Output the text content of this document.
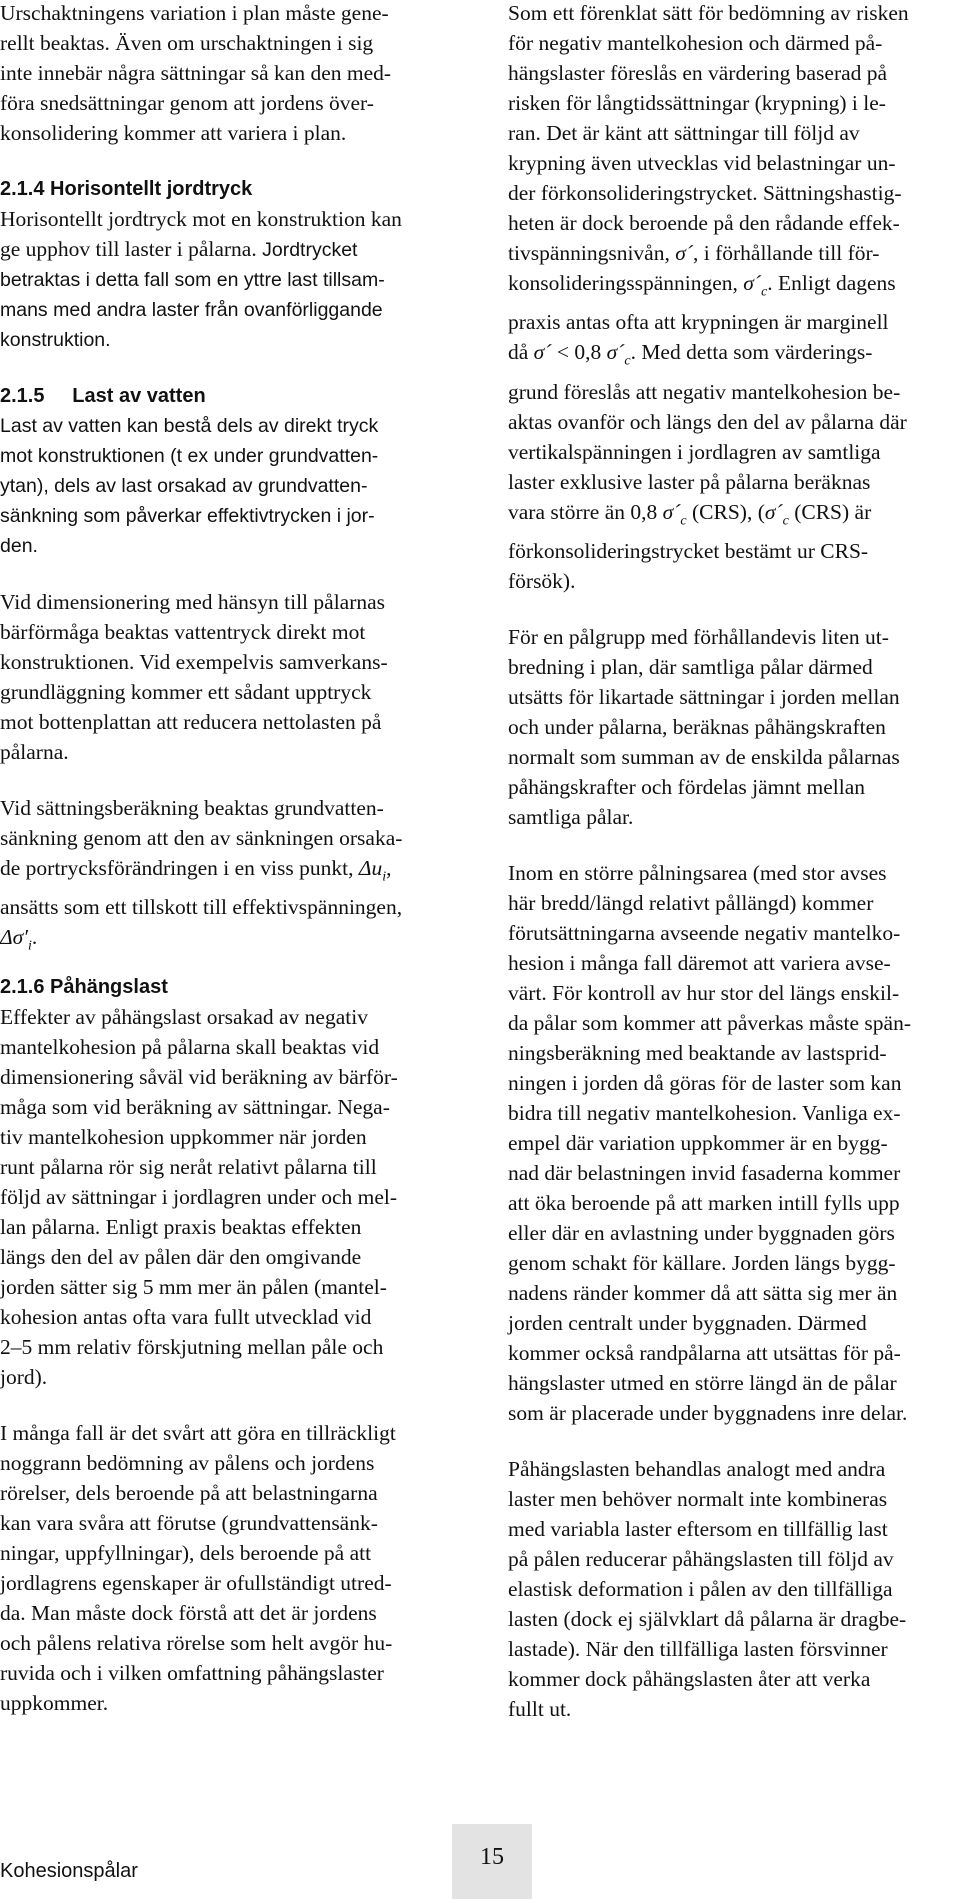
Urschaktningens variation i plan måste gene-
rellt beaktas. Även om urschaktningen i sig
inte innebär några sättningar så kan den med-
föra snedsättningar genom att jordens över-
konsolidering kommer att variera i plan.

2.1.4 Horisontellt jordtryck

Horisontellt jordtryck mot en konstruktion kan
ge upphov till laster i pålarna. Jordtrycket
betraktas i detta fall som en yttre last tillsam-
mans med andra laster från ovanförliggande
konstruktion.

2.1.5     Last av vatten

Last av vatten kan bestå dels av direkt tryck
mot konstruktionen (t ex under grundvatten-
ytan), dels av last orsakad av grundvatten-
sänkning som påverkar effektivtrycken i jor-
den.
Vid dimensionering med hänsyn till pålarnas
bärförmåga beaktas vattentryck direkt mot
konstruktionen. Vid exempelvis samverkans-
grundläggning kommer ett sådant upptryck
mot bottenplattan att reducera nettolasten på
pålarna.
Vid sättningsberäkning beaktas grundvatten-
sänkning genom att den av sänkningen orsaka-
de portrycksförändringen i en viss punkt, $\Delta u_i$,
ansätts som ett tillskott till effektivspänningen,
$\Delta\sigma'_i$.

2.1.6 Påhängslast

Effekter av påhängslast orsakad av negativ
mantelkohesion på pålarna skall beaktas vid
dimensionering såväl vid beräkning av bärför-
måga som vid beräkning av sättningar. Nega-
tiv mantelkohesion uppkommer när jorden
runt pålarna rör sig neråt relativt pålarna till
följd av sättningar i jordlagren under och mel-
lan pålarna. Enligt praxis beaktas effekten
längs den del av pålen där den omgivande
jorden sätter sig 5 mm mer än pålen (mantel-
kohesion antas ofta vara fullt utvecklad vid
2–5 mm relativ förskjutning mellan påle och
jord).
I många fall är det svårt att göra en tillräckligt
noggrann bedömning av pålens och jordens
rörelser, dels beroende på att belastningarna
kan vara svåra att förutse (grundvattensänk-
ningar, uppfyllningar), dels beroende på att
jordlagrens egenskaper är ofullständigt utred-
da. Man måste dock förstå att det är jordens
och pålens relativa rörelse som helt avgör hu-
ruvida och i vilken omfattning påhängslaster
uppkommer.
Som ett förenklat sätt för bedömning av risken
för negativ mantelkohesion och därmed på-
hängslaster föreslås en värdering baserad på
risken för långtidssättningar (krypning) i le-
ran. Det är känt att sättningar till följd av
krypning även utvecklas vid belastningar un-
der förkonsolideringstrycket. Sättningshastig-
heten är dock beroende på den rådande effek-
tivspänningsnivån, σ´, i förhållande till för-
konsolideringsspänningen, $\sigma´_c$. Enligt dagens
praxis antas ofta att krypningen är marginell
då σ´ < 0,8 $\sigma´_c$. Med detta som värderings-
grund föreslås att negativ mantelkohesion be-
aktas ovanför och längs den del av pålarna där
vertikalspänningen i jordlagren av samtliga
laster exklusive laster på pålarna beräknas
vara större än 0,8 $\sigma´_c$ (CRS), ($\sigma´_c$ (CRS) är
förkonsolideringstrycket bestämt ur CRS-
försök).
För en pålgrupp med förhållandevis liten ut-
bredning i plan, där samtliga pålar därmed
utsätts för likartade sättningar i jorden mellan
och under pålarna, beräknas påhängskraften
normalt som summan av de enskilda pålarnas
påhängskrafter och fördelas jämnt mellan
samtliga pålar.
Inom en större pålningsarea (med stor avses
här bredd/längd relativt pållängd) kommer
förutsättningarna avseende negativ mantelko-
hesion i många fall däremot att variera avse-
värt. För kontroll av hur stor del längs enskil-
da pålar som kommer att påverkas måste spän-
ningsberäkning med beaktande av lastsprid-
ningen i jorden då göras för de laster som kan
bidra till negativ mantelkohesion. Vanliga ex-
empel där variation uppkommer är en bygg-
nad där belastningen invid fasaderna kommer
att öka beroende på att marken intill fylls upp
eller där en avlastning under byggnaden görs
genom schakt för källare. Jorden längs bygg-
nadens ränder kommer då att sätta sig mer än
jorden centralt under byggnaden. Därmed
kommer också randpålarna att utsättas för på-
hängslaster utmed en större längd än de pålar
som är placerade under byggnadens inre delar.
Påhängslasten behandlas analogt med andra
laster men behöver normalt inte kombineras
med variabla laster eftersom en tillfällig last
på pålen reducerar påhängslasten till följd av
elastisk deformation i pålen av den tillfälliga
lasten (dock ej självklart då pålarna är dragbe-
lastade). När den tillfälliga lasten försvinner
kommer dock påhängslasten åter att verka
fullt ut.
Kohesionspålar
15
